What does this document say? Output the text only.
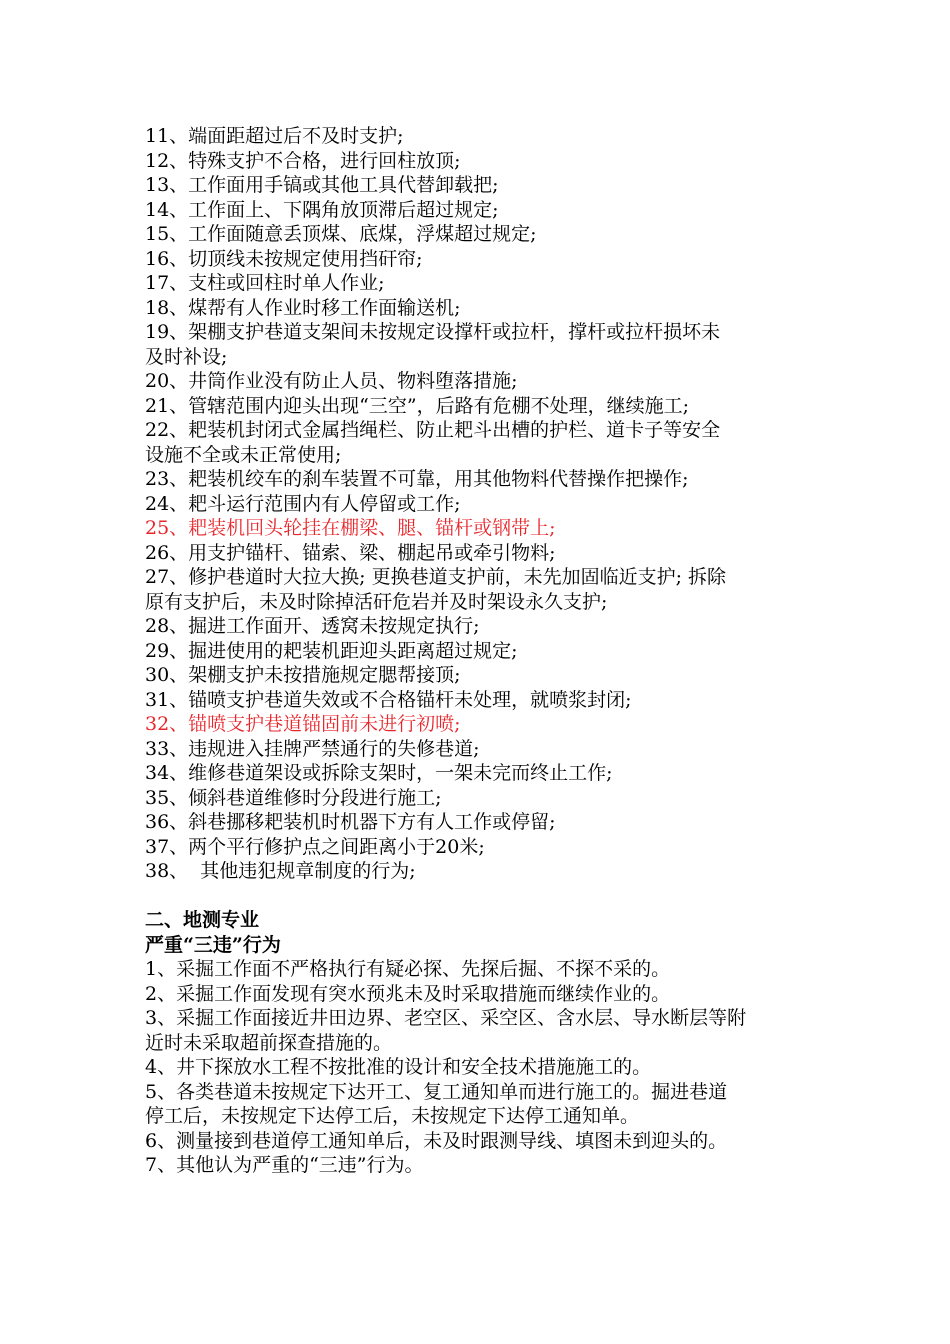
11、端面距超过后不及时支护;
12、特殊支护不合格，进行回柱放顶;
13、工作面用手镐或其他工具代替卸载把;
14、工作面上、下隅角放顶滞后超过规定;
15、工作面随意丢顶煤、底煤，浮煤超过规定;
16、切顶线未按规定使用挡矸帘;
17、支柱或回柱时单人作业;
18、煤帮有人作业时移工作面输送机;
19、架棚支护巷道支架间未按规定设撑杆或拉杆，撑杆或拉杆损坏未
及时补设;
20、井筒作业没有防止人员、物料堕落措施;
21、管辖范围内迎头出现“三空”，后路有危棚不处理，继续施工;
22、耙装机封闭式金属挡绳栏、防止耙斗出槽的护栏、道卡子等安全
设施不全或未正常使用;
23、耙装机绞车的刹车装置不可靠，用其他物料代替操作把操作;
24、耙斗运行范围内有人停留或工作;
25、耙装机回头轮挂在棚梁、腿、锚杆或钢带上;
26、用支护锚杆、锚索、梁、棚起吊或牵引物料;
27、修护巷道时大拉大换; 更换巷道支护前，未先加固临近支护; 拆除
原有支护后，未及时除掉活矸危岩并及时架设永久支护;
28、掘进工作面开、透窝未按规定执行;
29、掘进使用的耙装机距迎头距离超过规定;
30、架棚支护未按措施规定腮帮接顶;
31、锚喷支护巷道失效或不合格锚杆未处理，就喷浆封闭;
32、锚喷支护巷道锚固前未进行初喷;
33、违规进入挂牌严禁通行的失修巷道;
34、维修巷道架设或拆除支架时，一架未完而终止工作;
35、倾斜巷道维修时分段进行施工;
36、斜巷挪移耙装机时机器下方有人工作或停留;
37、两个平行修护点之间距离小于20米;
38、  其他违犯规章制度的行为;
二、地测专业
严重“三违”行为
1、采掘工作面不严格执行有疑必探、先探后掘、不探不采的。
2、采掘工作面发现有突水预兆未及时采取措施而继续作业的。
3、采掘工作面接近井田边界、老空区、采空区、含水层、导水断层等附
近时未采取超前探查措施的。
4、井下探放水工程不按批准的设计和安全技术措施施工的。
5、各类巷道未按规定下达开工、复工通知单而进行施工的。掘进巷道
停工后，未按规定下达停工后，未按规定下达停工通知单。
6、测量接到巷道停工通知单后，未及时跟测导线、填图未到迎头的。
7、其他认为严重的“三违”行为。
